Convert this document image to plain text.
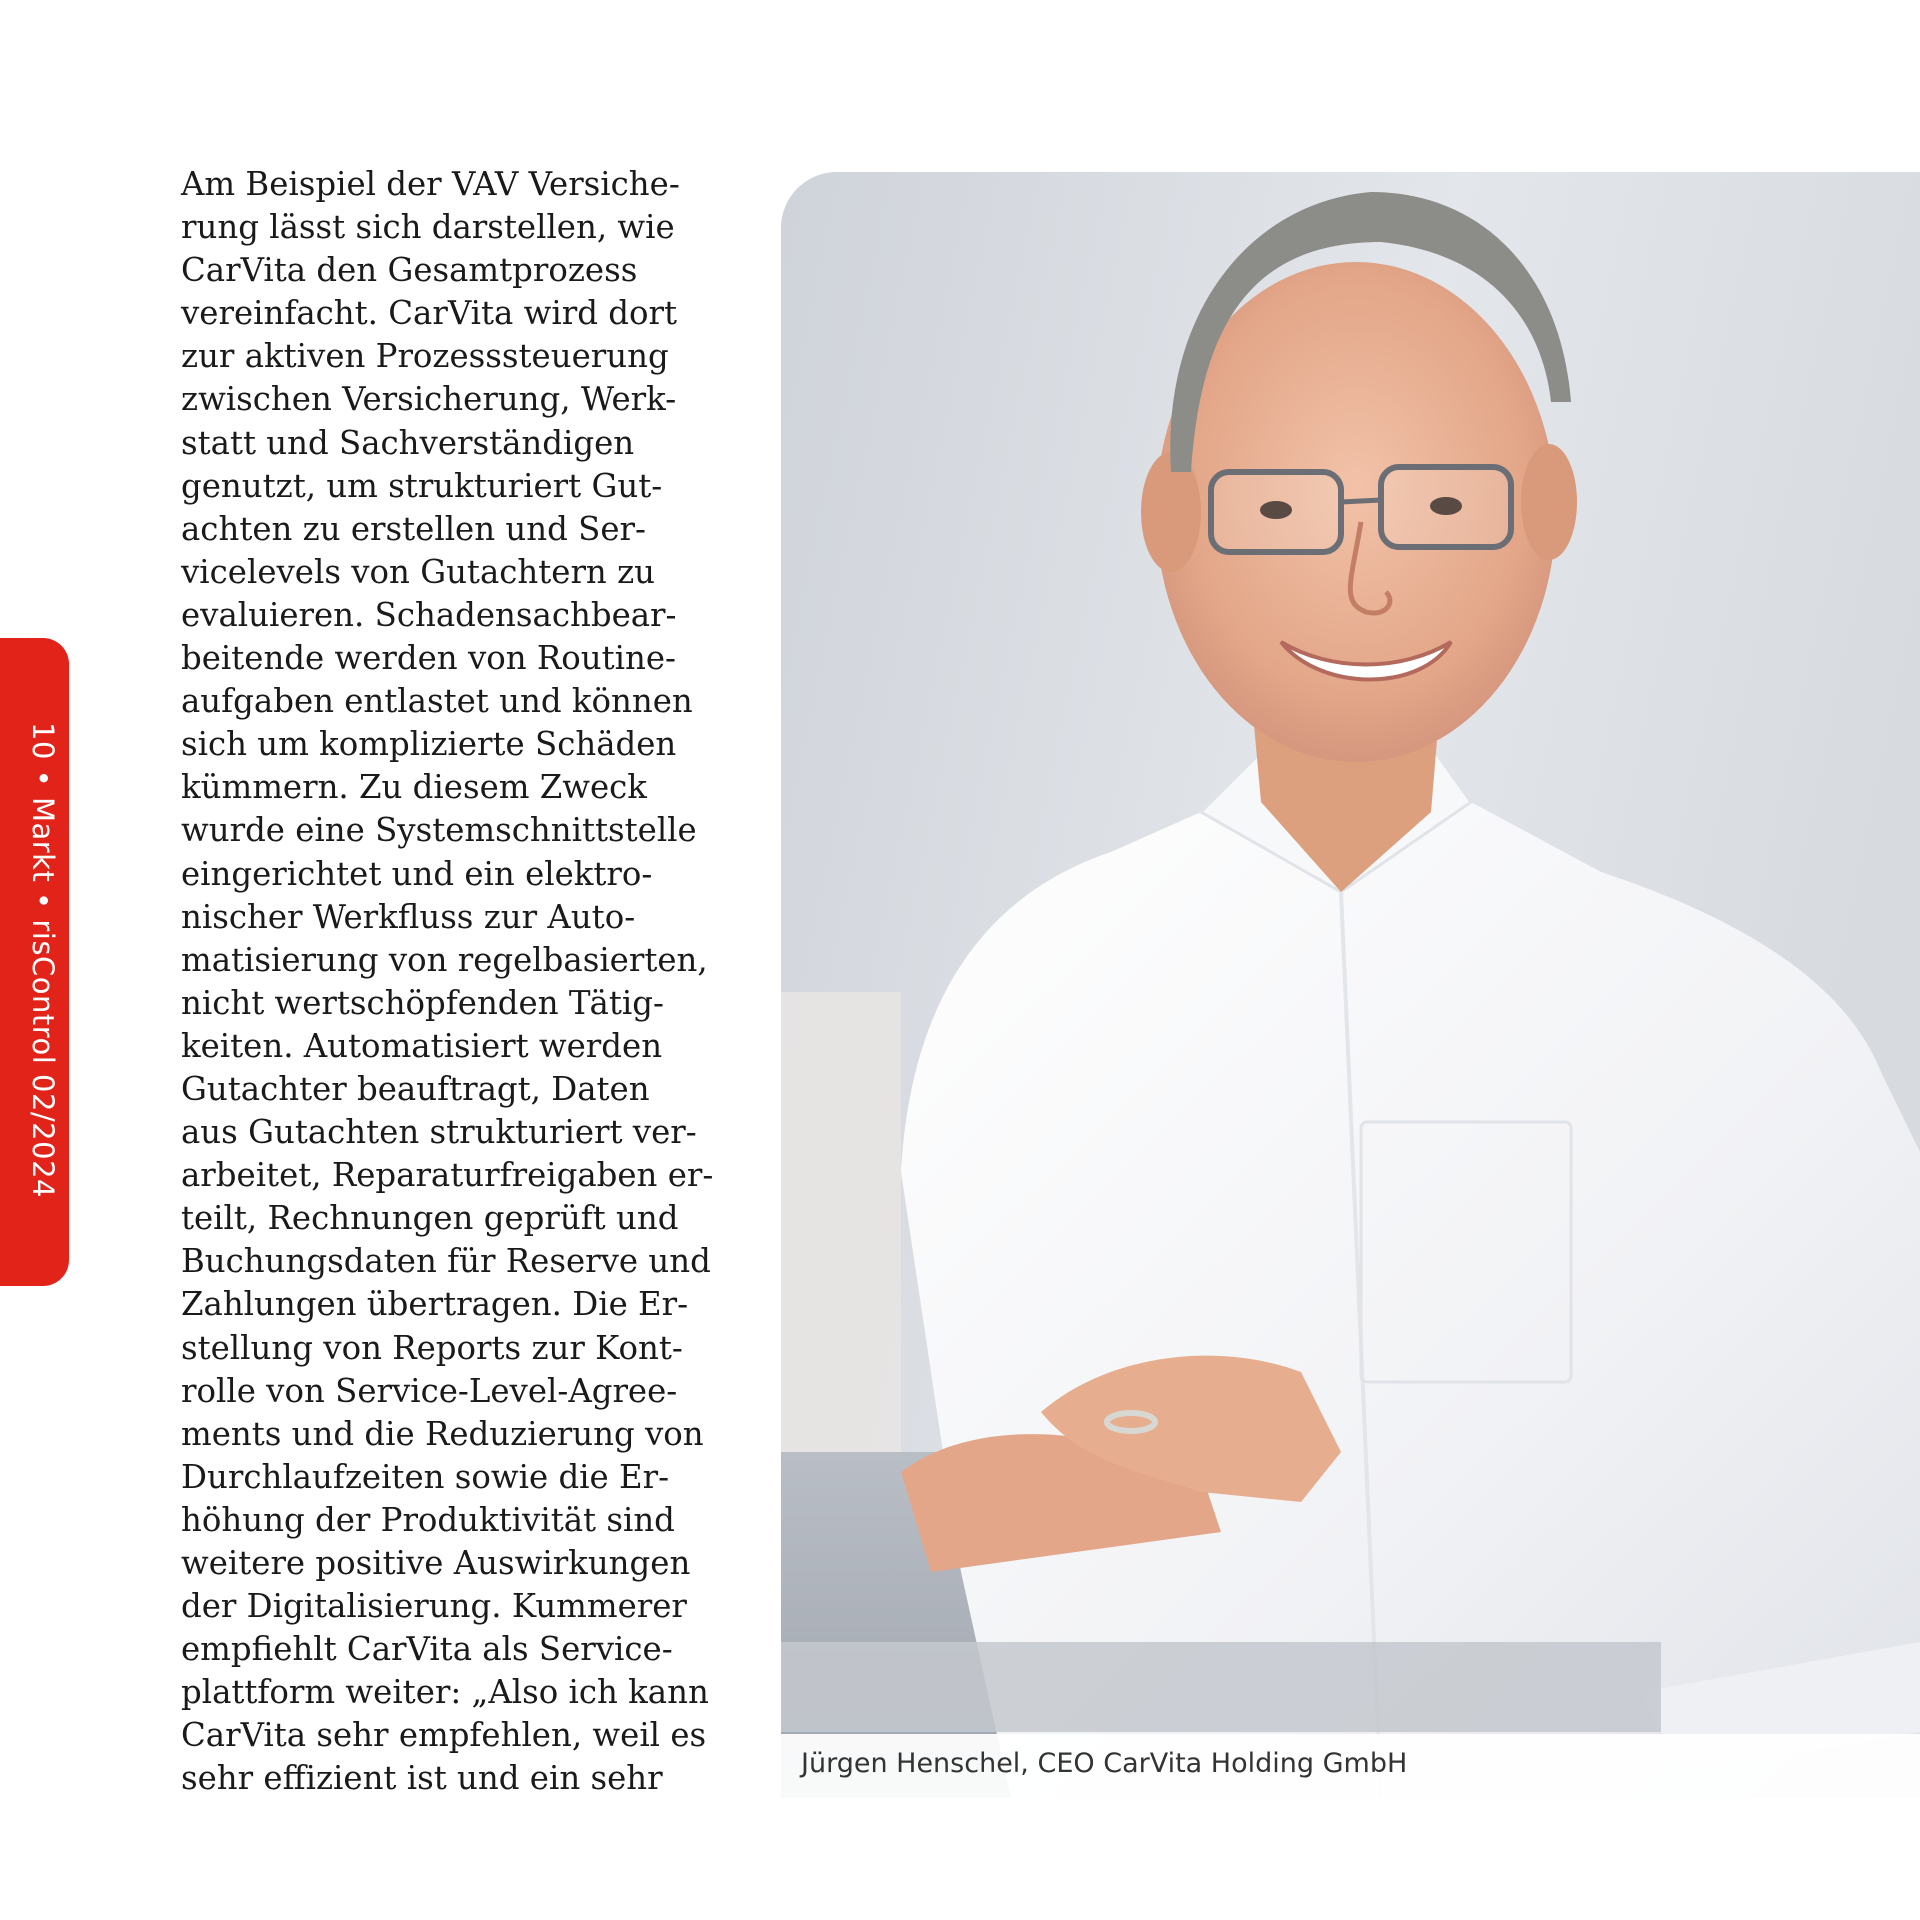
10 • Markt • risControl 02/2024
Am Beispiel der VAV Versiche-
rung lässt sich darstellen, wie
CarVita den Gesamtprozess
vereinfacht. CarVita wird dort
zur aktiven Prozesssteuerung
zwischen Versicherung, Werk-
statt und Sachverständigen
genutzt, um strukturiert Gut-
achten zu erstellen und Ser-
vicelevels von Gutachtern zu
evaluieren. Schadensachbear-
beitende werden von Routine-
aufgaben entlastet und können
sich um komplizierte Schäden
kümmern. Zu diesem Zweck
wurde eine Systemschnittstelle
eingerichtet und ein elektro-
nischer Werkfluss zur Auto-
matisierung von regelbasierten,
nicht wertschöpfenden Tätig-
keiten. Automatisiert werden
Gutachter beauftragt, Daten
aus Gutachten strukturiert ver-
arbeitet, Reparaturfreigaben er-
teilt, Rechnungen geprüft und
Buchungsdaten für Reserve und
Zahlungen übertragen. Die Er-
stellung von Reports zur Kont-
rolle von Service-Level-Agree-
ments und die Reduzierung von
Durchlaufzeiten sowie die Er-
höhung der Produktivität sind
weitere positive Auswirkungen
der Digitalisierung. Kummerer
empfiehlt CarVita als Service-
plattform weiter: „Also ich kann
CarVita sehr empfehlen, weil es
sehr effizient ist und ein sehr	Jürgen Henschel, CEO CarVita Holding GmbH
